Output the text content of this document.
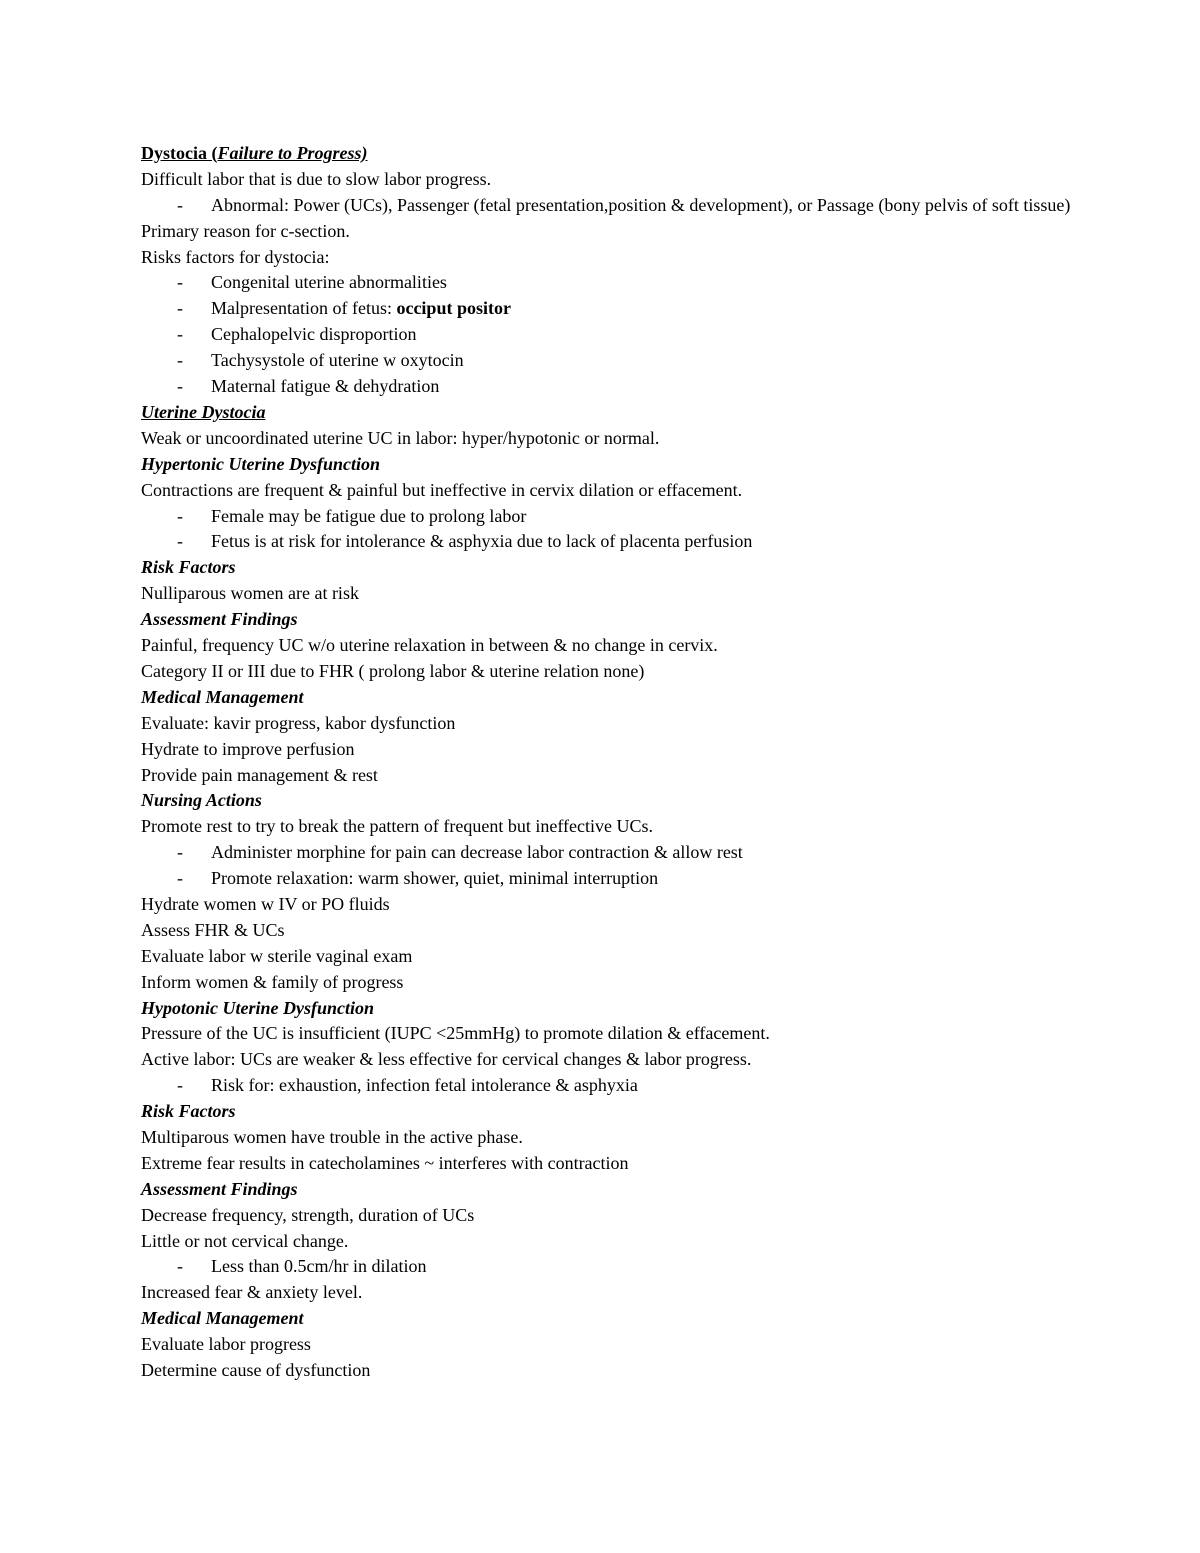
Dystocia (Failure to Progress)
Difficult labor that is due to slow labor progress.
- Abnormal: Power (UCs), Passenger (fetal presentation,position & development), or Passage (bony pelvis of soft tissue)
Primary reason for c-section.
Risks factors for dystocia:
- Congenital uterine abnormalities
- Malpresentation of fetus: occiput positor
- Cephalopelvic disproportion
- Tachysystole of uterine w oxytocin
- Maternal fatigue & dehydration
Uterine Dystocia
Weak or uncoordinated uterine UC in labor: hyper/hypotonic or normal.
Hypertonic Uterine Dysfunction
Contractions are frequent & painful but ineffective in cervix dilation or effacement.
- Female may be fatigue due to prolong labor
- Fetus is at risk for intolerance & asphyxia due to lack of placenta perfusion
Risk Factors
Nulliparous women are at risk
Assessment Findings
Painful, frequency UC w/o uterine relaxation in between & no change in cervix.
Category II or III due to FHR ( prolong labor & uterine relation none)
Medical Management
Evaluate: kavir progress, kabor dysfunction
Hydrate to improve perfusion
Provide pain management & rest
Nursing Actions
Promote rest to try to break the pattern of frequent but ineffective UCs.
- Administer morphine for pain can decrease labor contraction & allow rest
- Promote relaxation: warm shower, quiet, minimal interruption
Hydrate women w IV or PO fluids
Assess FHR & UCs
Evaluate labor w sterile vaginal exam
Inform women & family of progress
Hypotonic Uterine Dysfunction
Pressure of the UC is insufficient (IUPC <25mmHg) to promote dilation & effacement.
Active labor: UCs are weaker & less effective for cervical changes & labor progress.
- Risk for: exhaustion, infection fetal intolerance & asphyxia
Risk Factors
Multiparous women have trouble in the active phase.
Extreme fear results in catecholamines ~ interferes with contraction
Assessment Findings
Decrease frequency, strength, duration of UCs
Little or not cervical change.
- Less than 0.5cm/hr in dilation
Increased fear & anxiety level.
Medical Management
Evaluate labor progress
Determine cause of dysfunction
